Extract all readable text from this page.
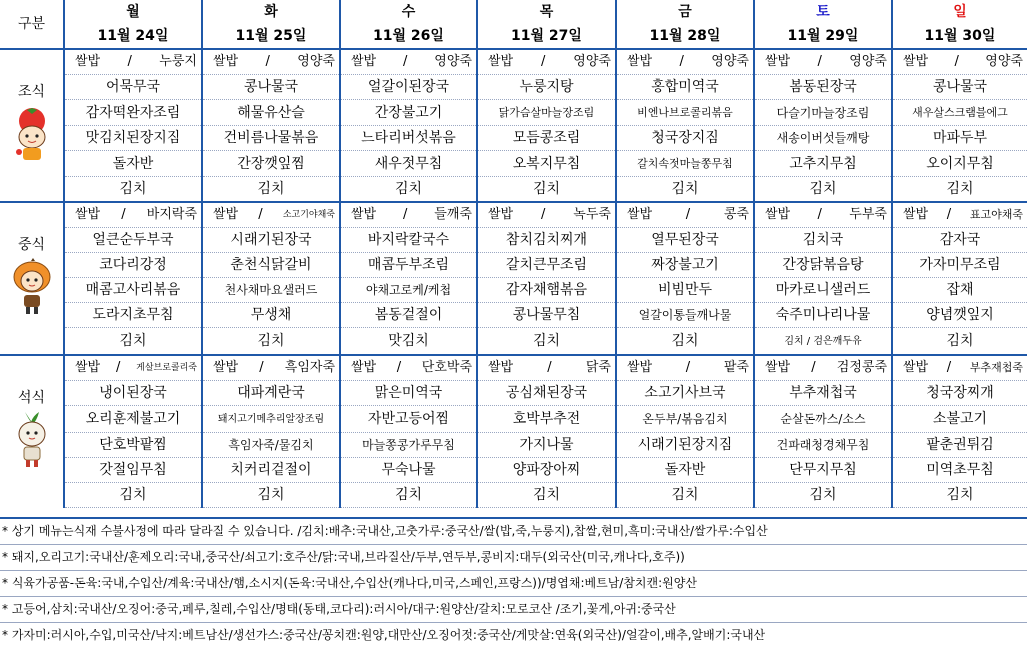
구분	월	화	수	목	금	토	일
	11월 24일	11월 25일	11월 26일	11월 27일	11월 28일	11월 29일	11월 30일

조식	쌀밥 / 누룽지	쌀밥 / 영양죽	쌀밥 / 영양죽	쌀밥 / 영양죽	쌀밥 / 영양죽	쌀밥 / 영양죽	쌀밥 / 영양죽

	어묵무국	콩나물국	얼갈이된장국	누룽지탕	홍합미역국	봄동된장국	콩나물국
	감자떡완자조림	해물유산슬	간장불고기	닭가슴살마늘장조림	비엔나브로콜리볶음	다슬기마늘장조림	새우살스크램블에그
	맛김치된장지짐	건비름나물볶음	느타리버섯볶음	모듬콩조림	청국장지짐	새송이버섯들깨탕	마파두부
	돌자반	간장깻잎찜	새우젓무침	오복지무침	갈치속젓마늘쫑무침	고추지무침	오이지무침
	김치	김치	김치	김치	김치	김치	김치

중식	쌀밥 / 바지락죽	쌀밥 / 소고기야채죽	쌀밥 / 들깨죽	쌀밥 / 녹두죽	쌀밥 / 콩죽	쌀밥 / 두부죽	쌀밥 / 표고야채죽

	얼큰순두부국	시래기된장국	바지락칼국수	참치김치찌개	열무된장국	김치국	감자국
	코다리강정	춘천식닭갈비	매콤두부조림	갈치큰무조림	짜장불고기	간장닭볶음탕	가자미무조림
	매콤고사리볶음	천사채마요샐러드	야채고로케/케첩	감자채햄볶음	비빔만두	마카로니샐러드	잡채
	도라지초무침	무생채	봄동겉절이	콩나물무침	얼갈이통들깨나물	숙주미나리나물	양념깻잎지
	김치	김치	맛김치	김치	김치	김치 / 검은깨두유	김치

석식	쌀밥 / 게살브로콜리죽	쌀밥 / 흑임자죽	쌀밥 / 단호박죽	쌀밥 / 닭죽	쌀밥 / 팥죽	쌀밥 / 검정콩죽	쌀밥 / 부추재첩죽

	냉이된장국	대파계란국	맑은미역국	공심채된장국	소고기사브국	부추재첩국	청국장찌개
	오리훈제불고기	돼지고기메추리알장조림	자반고등어찜	호박부추전	온두부/볶음김치	순살돈까스/소스	소불고기
	단호박팥찜	흑임자죽/물김치	마늘쫑콩가루무침	가지나물	시래기된장지짐	건파래청경채무침	팥춘권튀김
	갓절임무침	치커리겉절이	무숙나물	양파장아찌	돌자반	단무지무침	미역초무침
	김치	김치	김치	김치	김치	김치	김치
* 상기 메뉴는식재 수불사정에 따라 달라질 수 있습니다. /김치:배추:국내산,고춧가루:중국산/쌀(밥,죽,누룽지),찹쌀,현미,흑미:국내산/쌀가루:수입산
* 돼지,오리고기:국내산/훈제오리:국내,중국산/쇠고기:호주산/닭:국내,브라질산/두부,연두부,콩비지:대두(외국산(미국,캐나다,호주))
* 식육가공품-돈육:국내,수입산/계육:국내산/햄,소시지(돈육:국내산,수입산(캐나다,미국,스페인,프랑스))/명엽채:베트남/참치캔:원양산
* 고등어,삼치:국내산/오징어:중국,페루,칠레,수입산/명태(동태,코다리):러시아/대구:원양산/갈치:모로코산 /조기,꽃게,아귀:중국산
* 가자미:러시아,수입,미국산/낙지:베트남산/생선가스:중국산/꽁치캔:원양,대만산/오징어젓:중국산/게맛살:연육(외국산)/얼갈이,배추,알배기:국내산
